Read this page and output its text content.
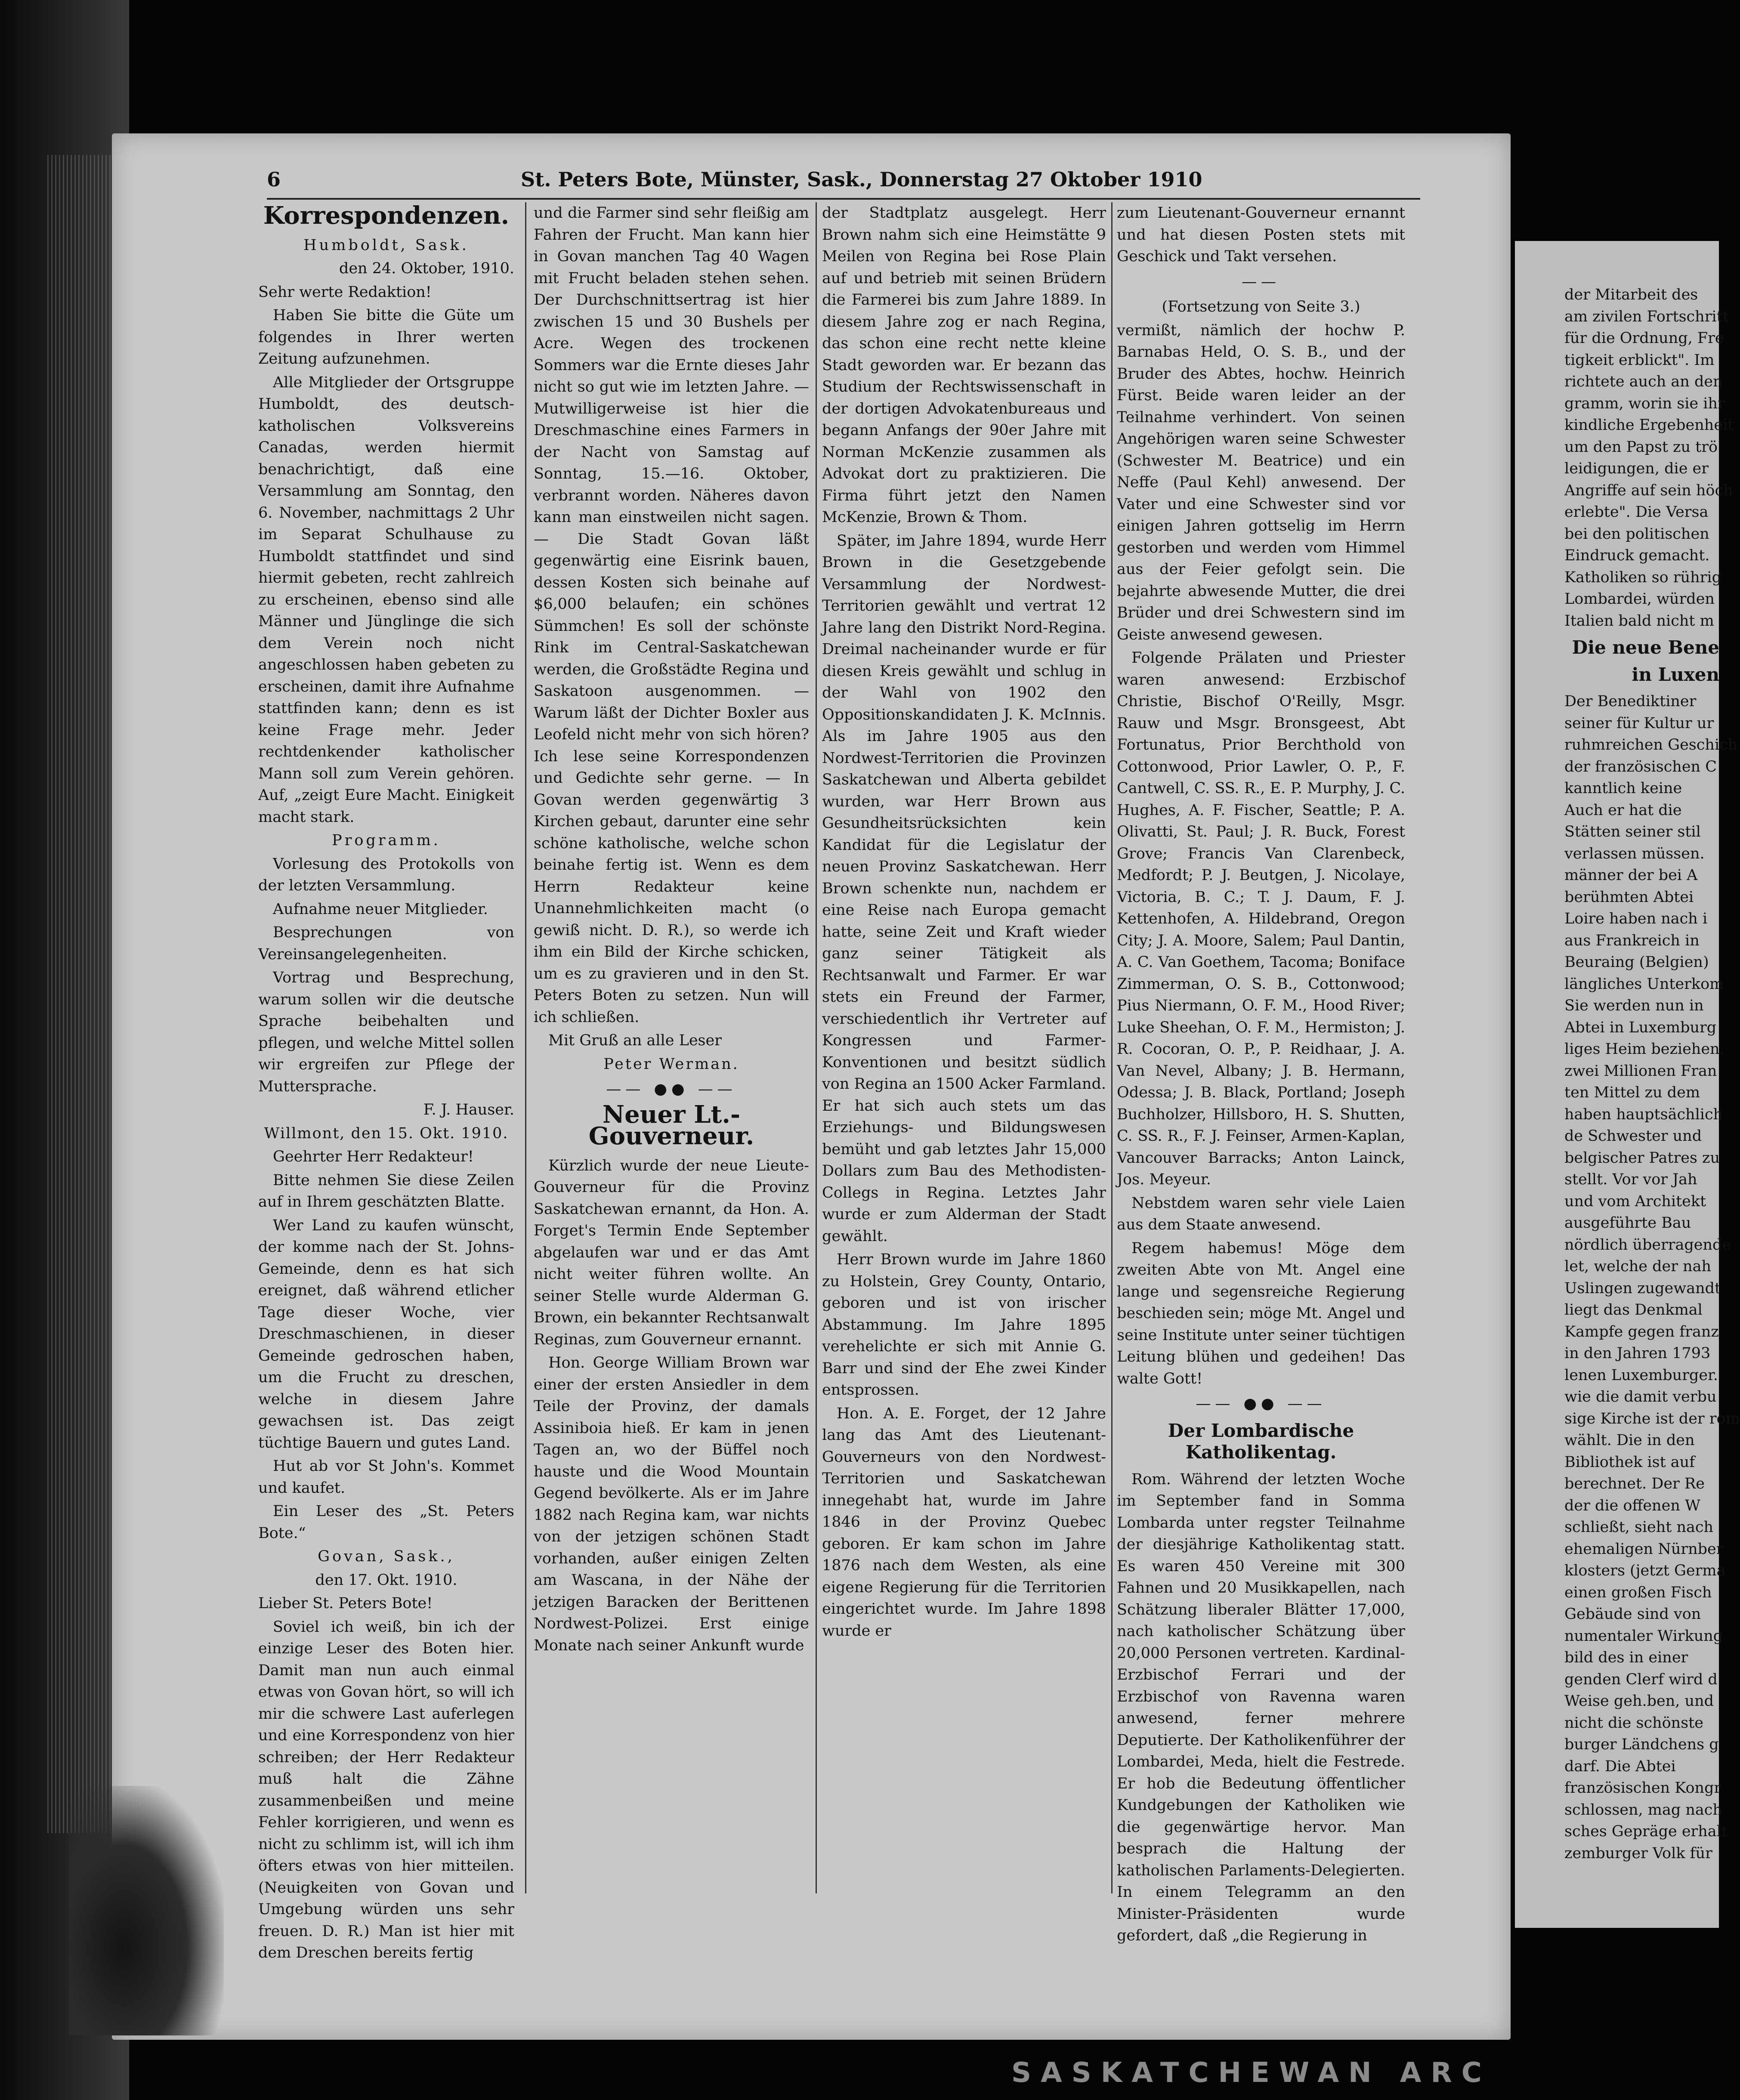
6	St. Peters Bote, Münster, Sask., Donnerstag 27 Oktober 1910
Korrespondenzen.

Humboldt, Sask.

den 24. Oktober, 1910.

Sehr werte Redaktion!

Haben Sie bitte die Güte um folgendes in Ihrer werten Zeitung aufzunehmen.

Alle Mitglieder der Ortsgruppe Humboldt, des deutsch-katholischen Volksvereins Canadas, werden hiermit benachrichtigt, daß eine Versammlung am Sonntag, den 6. November, nachmittags 2 Uhr im Separat Schulhause zu Humboldt stattfindet und sind hiermit gebeten, recht zahlreich zu erscheinen, ebenso sind alle Männer und Jünglinge die sich dem Verein noch nicht angeschlossen haben gebeten zu erscheinen, damit ihre Aufnahme stattfinden kann; denn es ist keine Frage mehr. Jeder rechtdenkender katholischer Mann soll zum Verein gehören. Auf, „zeigt Eure Macht. Einigkeit macht stark.

Programm.

Vorlesung des Protokolls von der letzten Versammlung.

Aufnahme neuer Mitglieder.

Besprechungen von Vereinsangelegenheiten.

Vortrag und Besprechung, warum sollen wir die deutsche Sprache beibehalten und pflegen, und welche Mittel sollen wir ergreifen zur Pflege der Muttersprache.

F. J. Hauser.

Willmont, den 15. Okt. 1910.

Geehrter Herr Redakteur!

Bitte nehmen Sie diese Zeilen auf in Ihrem geschätzten Blatte.

Wer Land zu kaufen wünscht, der komme nach der St. Johns-Gemeinde, denn es hat sich ereignet, daß während etlicher Tage dieser Woche, vier Dreschmaschienen, in dieser Gemeinde gedroschen haben, um die Frucht zu dreschen, welche in diesem Jahre gewachsen ist. Das zeigt tüchtige Bauern und gutes Land.

Hut ab vor St John's. Kommet und kaufet.

Ein Leser des „St. Peters Bote.“

Govan, Sask.,

den 17. Okt. 1910.

Lieber St. Peters Bote!

Soviel ich weiß, bin ich der einzige Leser des Boten hier. Damit man nun auch einmal etwas von Govan hört, so will ich mir die schwere Last auferlegen und eine Korrespondenz von hier schreiben; der Herr Redakteur muß halt die Zähne zusammenbeißen und meine Fehler korrigieren, und wenn es nicht zu schlimm ist, will ich ihm öfters etwas von hier mitteilen. (Neuigkeiten von Govan und Umgebung würden uns sehr freuen. D. R.) Man ist hier mit dem Dreschen bereits fertig

und die Farmer sind sehr fleißig am Fahren der Frucht. Man kann hier in Govan manchen Tag 40 Wagen mit Frucht beladen stehen sehen. Der Durchschnittsertrag ist hier zwischen 15 und 30 Bushels per Acre. Wegen des trockenen Sommers war die Ernte dieses Jahr nicht so gut wie im letzten Jahre. — Mutwilligerweise ist hier die Dreschmaschine eines Farmers in der Nacht von Samstag auf Sonntag, 15.—16. Oktober, verbrannt worden. Näheres davon kann man einstweilen nicht sagen. — Die Stadt Govan läßt gegenwärtig eine Eisrink bauen, dessen Kosten sich beinahe auf $6,000 belaufen; ein schönes Sümmchen! Es soll der schönste Rink im Central-Saskatchewan werden, die Großstädte Regina und Saskatoon ausgenommen. — Warum läßt der Dichter Boxler aus Leofeld nicht mehr von sich hören? Ich lese seine Korrespondenzen und Gedichte sehr gerne. — In Govan werden gegenwärtig 3 Kirchen gebaut, darunter eine sehr schöne katholische, welche schon beinahe fertig ist. Wenn es dem Herrn Redakteur keine Unannehmlichkeiten macht (o gewiß nicht. D. R.), so werde ich ihm ein Bild der Kirche schicken, um es zu gravieren und in den St. Peters Boten zu setzen. Nun will ich schließen.

Mit Gruß an alle Leser

Peter Werman.

—— ●● ——
Neuer Lt.-Gouverneur.

Kürzlich wurde der neue Lieute-Gouverneur für die Provinz Saskatchewan ernannt, da Hon. A. Forget's Termin Ende September abgelaufen war und er das Amt nicht weiter führen wollte. An seiner Stelle wurde Alderman G. Brown, ein bekannter Rechtsanwalt Reginas, zum Gouverneur ernannt.

Hon. George William Brown war einer der ersten Ansiedler in dem Teile der Provinz, der damals Assiniboia hieß. Er kam in jenen Tagen an, wo der Büffel noch hauste und die Wood Mountain Gegend bevölkerte. Als er im Jahre 1882 nach Regina kam, war nichts von der jetzigen schönen Stadt vorhanden, außer einigen Zelten am Wascana, in der Nähe der jetzigen Baracken der Berittenen Nordwest-Polizei. Erst einige Monate nach seiner Ankunft wurde

der Stadtplatz ausgelegt. Herr Brown nahm sich eine Heimstätte 9 Meilen von Regina bei Rose Plain auf und betrieb mit seinen Brüdern die Farmerei bis zum Jahre 1889. In diesem Jahre zog er nach Regina, das schon eine recht nette kleine Stadt geworden war. Er bezann das Studium der Rechtswissenschaft in der dortigen Advokatenbureaus und begann Anfangs der 90er Jahre mit Norman McKenzie zusammen als Advokat dort zu praktizieren. Die Firma führt jetzt den Namen McKenzie, Brown & Thom.

Später, im Jahre 1894, wurde Herr Brown in die Gesetzgebende Versammlung der Nordwest-Territorien gewählt und vertrat 12 Jahre lang den Distrikt Nord-Regina. Dreimal nacheinander wurde er für diesen Kreis gewählt und schlug in der Wahl von 1902 den Oppositionskandidaten J. K. McInnis. Als im Jahre 1905 aus den Nordwest-Territorien die Provinzen Saskatchewan und Alberta gebildet wurden, war Herr Brown aus Gesundheitsrücksichten kein Kandidat für die Legislatur der neuen Provinz Saskatchewan. Herr Brown schenkte nun, nachdem er eine Reise nach Europa gemacht hatte, seine Zeit und Kraft wieder ganz seiner Tätigkeit als Rechtsanwalt und Farmer. Er war stets ein Freund der Farmer, verschiedentlich ihr Vertreter auf Kongressen und Farmer-Konventionen und besitzt südlich von Regina an 1500 Acker Farmland. Er hat sich auch stets um das Erziehungs- und Bildungswesen bemüht und gab letztes Jahr 15,000 Dollars zum Bau des Methodisten-Collegs in Regina. Letztes Jahr wurde er zum Alderman der Stadt gewählt.

Herr Brown wurde im Jahre 1860 zu Holstein, Grey County, Ontario, geboren und ist von irischer Abstammung. Im Jahre 1895 verehelichte er sich mit Annie G. Barr und sind der Ehe zwei Kinder entsprossen.

Hon. A. E. Forget, der 12 Jahre lang das Amt des Lieutenant-Gouverneurs von den Nordwest-Territorien und Saskatchewan innegehabt hat, wurde im Jahre 1846 in der Provinz Quebec geboren. Er kam schon im Jahre 1876 nach dem Westen, als eine eigene Regierung für die Territorien eingerichtet wurde. Im Jahre 1898 wurde er

zum Lieutenant-Gouverneur ernannt und hat diesen Posten stets mit Geschick und Takt versehen.

——

(Fortsetzung von Seite 3.)

vermißt, nämlich der hochw P. Barnabas Held, O. S. B., und der Bruder des Abtes, hochw. Heinrich Fürst. Beide waren leider an der Teilnahme verhindert. Von seinen Angehörigen waren seine Schwester (Schwester M. Beatrice) und ein Neffe (Paul Kehl) anwesend. Der Vater und eine Schwester sind vor einigen Jahren gottselig im Herrn gestorben und werden vom Himmel aus der Feier gefolgt sein. Die bejahrte abwesende Mutter, die drei Brüder und drei Schwestern sind im Geiste anwesend gewesen.

Folgende Prälaten und Priester waren anwesend: Erzbischof Christie, Bischof O'Reilly, Msgr. Rauw und Msgr. Bronsgeest, Abt Fortunatus, Prior Berchthold von Cottonwood, Prior Lawler, O. P., F. Cantwell, C. SS. R., E. P. Murphy, J. C. Hughes, A. F. Fischer, Seattle; P. A. Olivatti, St. Paul; J. R. Buck, Forest Grove; Francis Van Clarenbeck, Medfordt; P. J. Beutgen, J. Nicolaye, Victoria, B. C.; T. J. Daum, F. J. Kettenhofen, A. Hildebrand, Oregon City; J. A. Moore, Salem; Paul Dantin, A. C. Van Goethem, Tacoma; Boniface Zimmerman, O. S. B., Cottonwood; Pius Niermann, O. F. M., Hood River; Luke Sheehan, O. F. M., Hermiston; J. R. Cocoran, O. P., P. Reidhaar, J. A. Van Nevel, Albany; J. B. Hermann, Odessa; J. B. Black, Portland; Joseph Buchholzer, Hillsboro, H. S. Shutten, C. SS. R., F. J. Feinser, Armen-Kaplan, Vancouver Barracks; Anton Lainck, Jos. Meyeur.

Nebstdem waren sehr viele Laien aus dem Staate anwesend.

Regem habemus! Möge dem zweiten Abte von Mt. Angel eine lange und segensreiche Regierung beschieden sein; möge Mt. Angel und seine Institute unter seiner tüchtigen Leitung blühen und gedeihen! Das walte Gott!

—— ●● ——
Der Lombardische Katholikentag.

Rom. Während der letzten Woche im September fand in Somma Lombarda unter regster Teilnahme der diesjährige Katholikentag statt. Es waren 450 Vereine mit 300 Fahnen und 20 Musikkapellen, nach Schätzung liberaler Blätter 17,000, nach katholischer Schätzung über 20,000 Personen vertreten. Kardinal-Erzbischof Ferrari und der Erzbischof von Ravenna waren anwesend, ferner mehrere Deputierte. Der Katholikenführer der Lombardei, Meda, hielt die Festrede. Er hob die Bedeutung öffentlicher Kundgebungen der Katholiken wie die gegenwärtige hervor. Man besprach die Haltung der katholischen Parlaments-Delegierten. In einem Telegramm an den Minister-Präsidenten wurde gefordert, daß „die Regierung in

der Mitarbeit des
am zivilen Fortschritt
für die Ordnung, Fre
tigkeit erblickt". Im
richtete auch an den
gramm, worin sie ihr
kindliche Ergebenheit
um den Papst zu trö
leidigungen, die er
Angriffe auf sein höch
erlebte". Die Versa
bei den politischen
Eindruck gemacht.
Katholiken so rührig
Lombardei, würden
Italien bald nicht m
Die neue Bene
in Luxen
Der Benediktiner
seiner für Kultur ur
ruhmreichen Geschich
der französischen C
kanntlich keine
Auch er hat die
Stätten seiner stil
verlassen müssen.
männer der bei A
berühmten Abtei
Loire haben nach i
aus Frankreich in
Beuraing (Belgien)
längliches Unterkom
Sie werden nun in
Abtei in Luxemburg
liges Heim beziehen.
zwei Millionen Fran
ten Mittel zu dem
haben hauptsächlich
de Schwester und
belgischer Patres zu
stellt. Vor vor Jah
und vom Architekt
ausgeführte Bau
nördlich überragende
let, welche der nah
Uslingen zugewandt
liegt das Denkmal
Kampfe gegen franz
in den Jahren 1793
lenen Luxemburger.
wie die damit verbu
sige Kirche ist der rom
wählt. Die in den
Bibliothek ist auf
berechnet. Der Re
der die offenen W
schließt, sieht nach
ehemaligen Nürnber
klosters (jetzt Germa
einen großen Fisch
Gebäude sind von
numentaler Wirkung
bild des in einer
genden Clerf wird d
Weise geh.ben, und
nicht die schönste
burger Ländchens g
darf. Die Abtei
französischen Kongr
schlossen, mag nach
sches Gepräge erhalt
zemburger Volk für
SASKATCHEWAN ARC
